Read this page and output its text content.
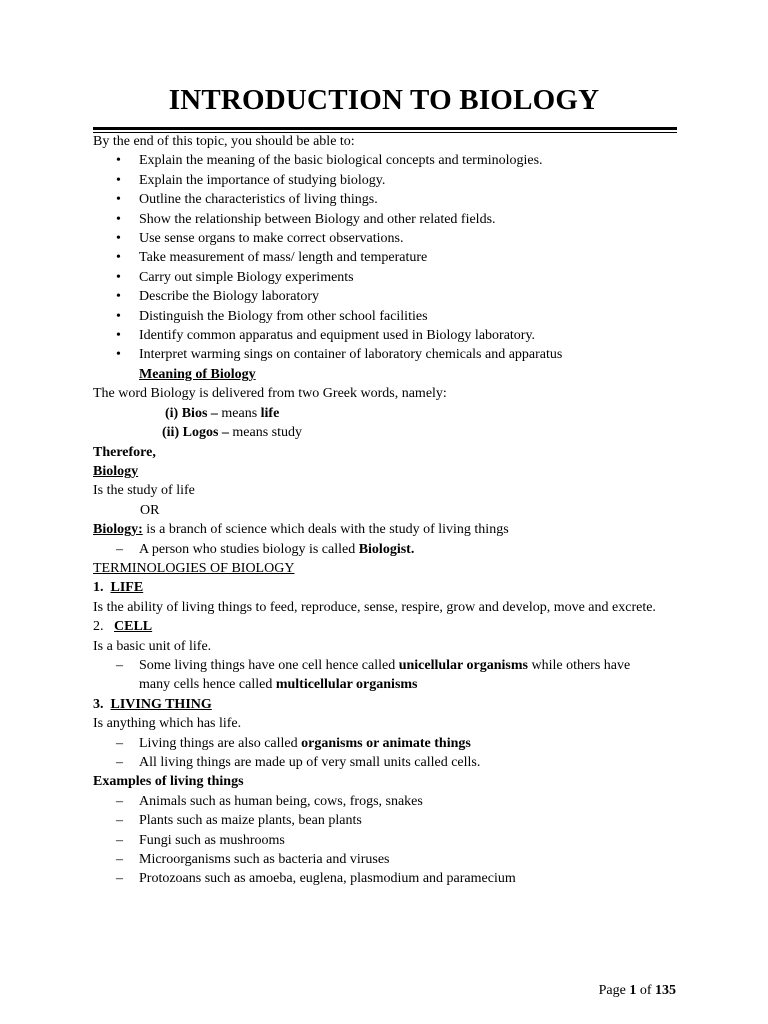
INTRODUCTION TO BIOLOGY
By the end of this topic, you should be able to:
• Explain the meaning of the basic biological concepts and terminologies.
• Explain the importance of studying biology.
• Outline the characteristics of living things.
• Show the relationship between Biology and other related fields.
• Use sense organs to make correct observations.
• Take measurement of mass/ length and temperature
• Carry out simple Biology experiments
• Describe the Biology laboratory
• Distinguish the Biology from other school facilities
• Identify common apparatus and equipment used in Biology laboratory.
• Interpret warming sings on container of laboratory chemicals and apparatus
Meaning of Biology
The word Biology is delivered from two Greek words, namely:
(i) Bios – means life
(ii) Logos – means study
Therefore,
Biology
Is the study of life
OR
Biology: is a branch of science which deals with the study of living things
– A person who studies biology is called Biologist.
TERMINOLOGIES OF BIOLOGY
1. LIFE
Is the ability of living things to feed, reproduce, sense, respire, grow and develop, move and excrete.
2. CELL
Is a basic unit of life.
– Some living things have one cell hence called unicellular organisms while others have many cells hence called multicellular organisms
3. LIVING THING
Is anything which has life.
– Living things are also called organisms or animate things
– All living things are made up of very small units called cells.
Examples of living things
– Animals such as human being, cows, frogs, snakes
– Plants such as maize plants, bean plants
– Fungi such as mushrooms
– Microorganisms such as bacteria and viruses
– Protozoans such as amoeba, euglena, plasmodium and paramecium
Page 1 of 135
